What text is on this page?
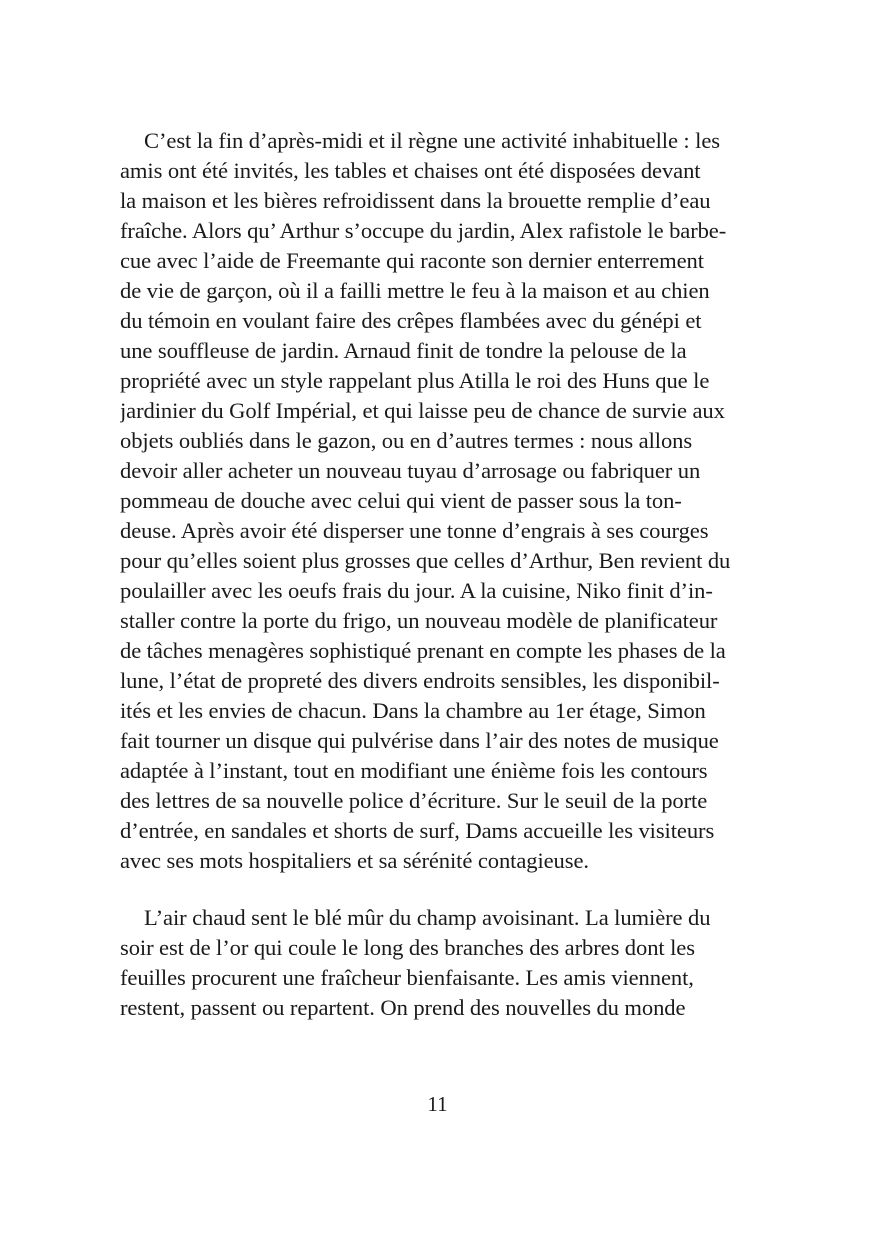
C’est la fin d’après-midi et il règne une activité inhabituelle : les
amis ont été invités, les tables et chaises ont été disposées devant
la maison et les bières refroidissent dans la brouette remplie d’eau
fraîche. Alors qu’ Arthur s’occupe du jardin, Alex rafistole le barbe-
cue avec l’aide de Freemante qui raconte son dernier enterrement
de vie de garçon, où il a failli mettre le feu à la maison et au chien
du témoin en voulant faire des crêpes flambées avec du génépi et
une souffleuse de jardin. Arnaud finit de tondre la pelouse de la
propriété avec un style rappelant plus Atilla le roi des Huns que le
jardinier du Golf Impérial, et qui laisse peu de chance de survie aux
objets oubliés dans le gazon, ou en d’autres termes : nous allons
devoir aller acheter un nouveau tuyau d’arrosage ou fabriquer un
pommeau de douche avec celui qui vient de passer sous la ton-
deuse. Après avoir été disperser une tonne d’engrais à ses courges
pour qu’elles soient plus grosses que celles d’Arthur, Ben revient du
poulailler avec les oeufs frais du jour. A la cuisine, Niko finit d’in-
staller contre la porte du frigo, un nouveau modèle de planificateur
de tâches menagères sophistiqué prenant en compte les phases de la
lune, l’état de propreté des divers endroits sensibles, les disponibil-
ités et les envies de chacun. Dans la chambre au 1er étage, Simon
fait tourner un disque qui pulvérise dans l’air des notes de musique
adaptée à l’instant, tout en modifiant une énième fois les contours
des lettres de sa nouvelle police d’écriture. Sur le seuil de la porte
d’entrée, en sandales et shorts de surf, Dams accueille les visiteurs
avec ses mots hospitaliers et sa sérénité contagieuse.
L’air chaud sent le blé mûr du champ avoisinant. La lumière du
soir est de l’or qui coule le long des branches des arbres dont les
feuilles procurent une fraîcheur bienfaisante. Les amis viennent,
restent, passent ou repartent. On prend des nouvelles du monde
11
